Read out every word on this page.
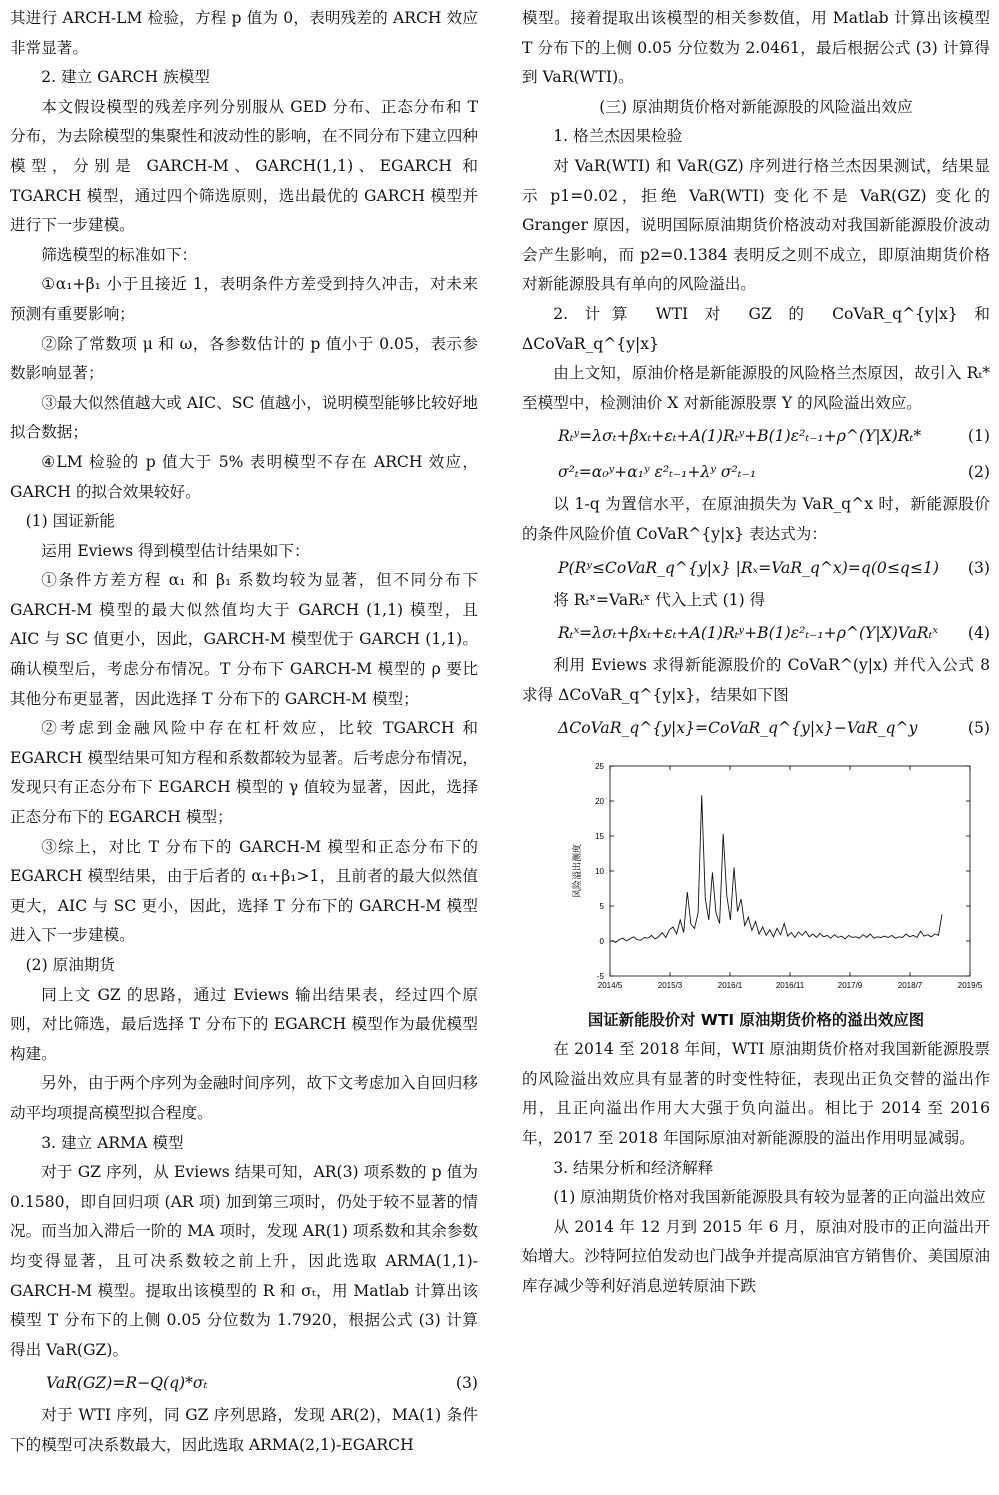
其进行 ARCH-LM 检验，方程 p 值为 0，表明残差的 ARCH 效应非常显著。

2. 建立 GARCH 族模型

本文假设模型的残差序列分别服从 GED 分布、正态分布和 T 分布，为去除模型的集聚性和波动性的影响，在不同分布下建立四种模型，分别是 GARCH-M、GARCH(1,1)、EGARCH 和 TGARCH 模型，通过四个筛选原则，选出最优的 GARCH 模型并进行下一步建模。

筛选模型的标准如下：

①α₁+β₁ 小于且接近 1，表明条件方差受到持久冲击，对未来预测有重要影响；

②除了常数项 μ 和 ω，各参数估计的 p 值小于 0.05，表示参数影响显著；

③最大似然值越大或 AIC、SC 值越小，说明模型能够比较好地拟合数据；

④LM 检验的 p 值大于 5% 表明模型不存在 ARCH 效应，GARCH 的拟合效果较好。

(1) 国证新能

运用 Eviews 得到模型估计结果如下：

①条件方差方程 α₁ 和 β₁ 系数均较为显著，但不同分布下 GARCH-M 模型的最大似然值均大于 GARCH (1,1) 模型，且 AIC 与 SC 值更小，因此，GARCH-M 模型优于 GARCH (1,1)。确认模型后，考虑分布情况。T 分布下 GARCH-M 模型的 ρ 要比其他分布更显著，因此选择 T 分布下的 GARCH-M 模型；

②考虑到金融风险中存在杠杆效应，比较 TGARCH 和 EGARCH 模型结果可知方程和系数都较为显著。后考虑分布情况，发现只有正态分布下 EGARCH 模型的 γ 值较为显著，因此，选择正态分布下的 EGARCH 模型；

③综上，对比 T 分布下的 GARCH-M 模型和正态分布下的 EGARCH 模型结果，由于后者的 α₁+β₁>1，且前者的最大似然值更大，AIC 与 SC 更小，因此，选择 T 分布下的 GARCH-M 模型进入下一步建模。

(2) 原油期货

同上文 GZ 的思路，通过 Eviews 输出结果表，经过四个原则，对比筛选，最后选择 T 分布下的 EGARCH 模型作为最优模型构建。

另外，由于两个序列为金融时间序列，故下文考虑加入自回归移动平均项提高模型拟合程度。

3. 建立 ARMA 模型

对于 GZ 序列，从 Eviews 结果可知，AR(3) 项系数的 p 值为 0.1580，即自回归项 (AR 项) 加到第三项时，仍处于较不显著的情况。而当加入滞后一阶的 MA 项时，发现 AR(1) 项系数和其余参数均变得显著，且可决系数较之前上升，因此选取 ARMA(1,1)-GARCH-M 模型。提取出该模型的 R 和 σₜ，用 Matlab 计算出该模型 T 分布下的上侧 0.05 分位数为 1.7920，根据公式 (3) 计算得出 VaR(GZ)。

VaR(GZ)=R−Q(q)*σₜ	(3)

对于 WTI 序列，同 GZ 序列思路，发现 AR(2)，MA(1) 条件下的模型可决系数最大，因此选取 ARMA(2,1)-EGARCH

模型。接着提取出该模型的相关参数值，用 Matlab 计算出该模型 T 分布下的上侧 0.05 分位数为 2.0461，最后根据公式 (3) 计算得到 VaR(WTI)。

(三) 原油期货价格对新能源股的风险溢出效应

1. 格兰杰因果检验

对 VaR(WTI) 和 VaR(GZ) 序列进行格兰杰因果测试，结果显示 p1=0.02，拒绝 VaR(WTI) 变化不是 VaR(GZ) 变化的 Granger 原因，说明国际原油期货价格波动对我国新能源股价波动会产生影响，而 p2=0.1384 表明反之则不成立，即原油期货价格对新能源股具有单向的风险溢出。

2. 计算 WTI 对 GZ 的 CoVaR_q^{y|x} 和 ΔCoVaR_q^{y|x}

由上文知，原油价格是新能源股的风险格兰杰原因，故引入 Rₜ* 至模型中，检测油价 X 对新能源股票 Y 的风险溢出效应。

Rₜʸ=λσₜ+βxₜ+εₜ+A(1)Rₜʸ+B(1)ε²ₜ₋₁+ρ^(Y|X)Rₜ*	(1)
σ²ₜ=α₀ʸ+α₁ʸ ε²ₜ₋₁+λʸ σ²ₜ₋₁	(2)

以 1-q 为置信水平，在原油损失为 VaR_q^x 时，新能源股价的条件风险价值 CoVaR^{y|x} 表达式为：

P(Rʸ≤CoVaR_q^{y|x} |Rₓ=VaR_q^x)=q(0≤q≤1) (3)

将 Rₜˣ=VaRₜˣ 代入上式 (1) 得

Rₜˣ=λσₜ+βxₜ+εₜ+A(1)Rₜʸ+B(1)ε²ₜ₋₁+ρ^(Y|X)VaRₜˣ (4)

利用 Eviews 求得新能源股价的 CoVaR^(y|x) 并代入公式 8 求得 ΔCoVaR_q^{y|x}，结果如下图

ΔCoVaR_q^{y|x}=CoVaR_q^{y|x}−VaR_q^y	(5)
-5
0
5
10
15
20
25
2014/5	2015/3	2016/1	2016/11	2017/9	2018/7	2019/5
风险溢出测度
国证新能股价对 WTI 原油期货价格的溢出效应图

在 2014 至 2018 年间，WTI 原油期货价格对我国新能源股票的风险溢出效应具有显著的时变性特征，表现出正负交替的溢出作用，且正向溢出作用大大强于负向溢出。相比于 2014 至 2016 年，2017 至 2018 年国际原油对新能源股的溢出作用明显减弱。

3. 结果分析和经济解释

(1) 原油期货价格对我国新能源股具有较为显著的正向溢出效应

从 2014 年 12 月到 2015 年 6 月，原油对股市的正向溢出开始增大。沙特阿拉伯发动也门战争并提高原油官方销售价、美国原油库存减少等利好消息逆转原油下跌
